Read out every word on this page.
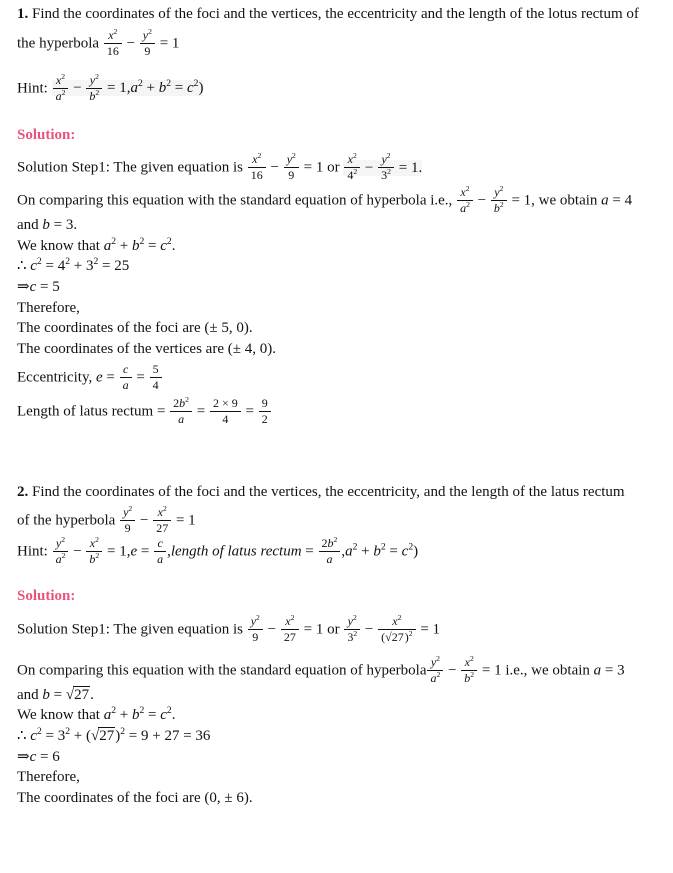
1. Find the coordinates of the foci and the vertices, the eccentricity and the length of the lotus rectum of
the hyperbola $\frac{x^2}{16} - \frac{y^2}{9} = 1$
Hint: $\frac{x^2}{a^2} - \frac{y^2}{b^2} = 1,a^2 + b^2 = c^2$)
Solution:
Solution Step1: The given equation is $\frac{x^2}{16} - \frac{y^2}{9} = 1$ or $\frac{x^2}{4^2} - \frac{y^2}{3^2} = 1$.
On comparing this equation with the standard equation of hyperbola i.e., $\frac{x^2}{a^2} - \frac{y^2}{b^2} = 1$, we obtain a = 4
and b = 3.
We know that $a^2 + b^2 = c^2$.
∴ $c^2 = 4^2 + 3^2 = 25$
⇒c = 5
Therefore,
The coordinates of the foci are (± 5, 0).
The coordinates of the vertices are (± 4, 0).
Eccentricity, $e = \frac{c}{a} = \frac{5}{4}$
Length of latus rectum = $\frac{2b^2}{a} = \frac{2 \times 9}{4} = \frac{9}{2}$
2. Find the coordinates of the foci and the vertices, the eccentricity, and the length of the latus rectum
of the hyperbola $\frac{y^2}{9} - \frac{x^2}{27} = 1$
Hint: $\frac{y^2}{a^2} - \frac{x^2}{b^2} = 1,e = \frac{c}{a}$ ,length of latus rectum = $\frac{2b^2}{a} ,a^2 + b^2 = c^2$)
Solution:
Solution Step1: The given equation is $\frac{y^2}{9} - \frac{x^2}{27} = 1$ or $\frac{y^2}{3^2} - \frac{x^2}{(√27)^2} = 1$
On comparing this equation with the standard equation of hyperbola $\frac{y^2}{a^2} - \frac{x^2}{b^2} = 1$ i.e., we obtain a = 3
and b = √27.
We know that $a^2 + b^2 = c^2$.
∴ $c^2 = 3^2 + (√27)^2 = 9 + 27 = 36$
⇒c = 6
Therefore,
The coordinates of the foci are (0, ± 6).
